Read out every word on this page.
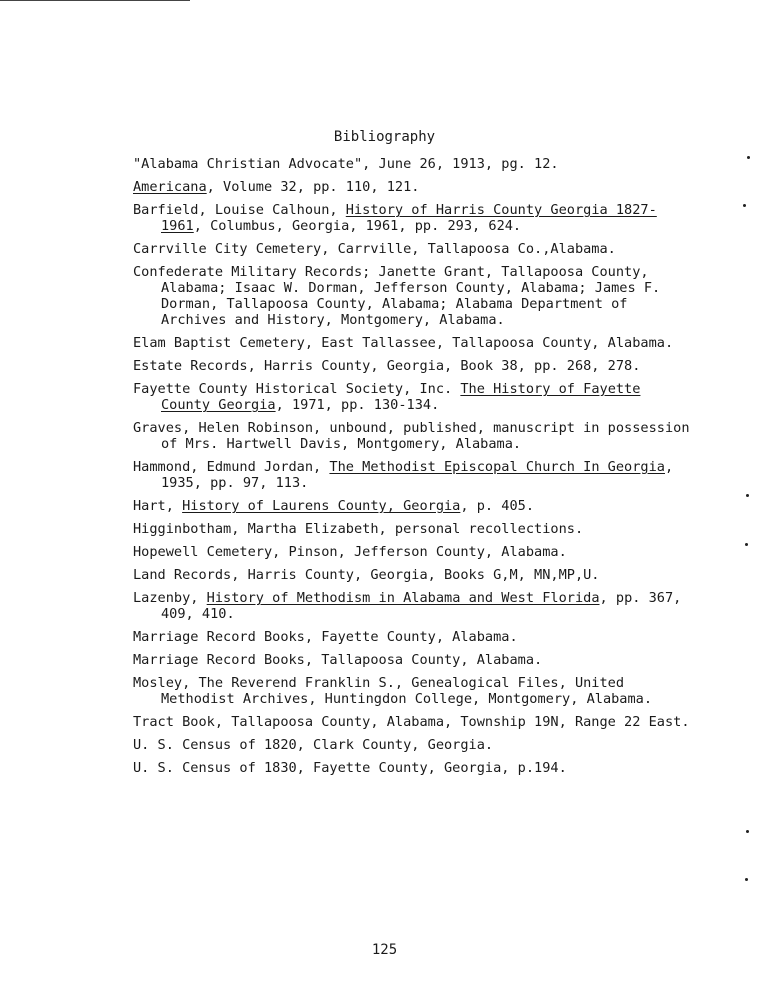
Bibliography
"Alabama Christian Advocate", June 26, 1913, pg. 12.
Americana, Volume 32, pp. 110, 121.
Barfield, Louise Calhoun, History of Harris County Georgia 1827-1961, Columbus, Georgia, 1961, pp. 293, 624.
Carrville City Cemetery, Carrville, Tallapoosa Co.,Alabama.
Confederate Military Records; Janette Grant, Tallapoosa County, Alabama; Isaac W. Dorman, Jefferson County, Alabama; James F. Dorman, Tallapoosa County, Alabama; Alabama Department of Archives and History, Montgomery, Alabama.
Elam Baptist Cemetery, East Tallassee, Tallapoosa County, Alabama.
Estate Records, Harris County, Georgia, Book 38, pp. 268, 278.
Fayette County Historical Society, Inc. The History of Fayette County Georgia, 1971, pp. 130-134.
Graves, Helen Robinson, unbound, published, manuscript in possession of Mrs. Hartwell Davis, Montgomery, Alabama.
Hammond, Edmund Jordan, The Methodist Episcopal Church In Georgia, 1935, pp. 97, 113.
Hart, History of Laurens County, Georgia, p. 405.
Higginbotham, Martha Elizabeth, personal recollections.
Hopewell Cemetery, Pinson, Jefferson County, Alabama.
Land Records, Harris County, Georgia, Books G,M, MN,MP,U.
Lazenby, History of Methodism in Alabama and West Florida, pp. 367, 409, 410.
Marriage Record Books, Fayette County, Alabama.
Marriage Record Books, Tallapoosa County, Alabama.
Mosley, The Reverend Franklin S., Genealogical Files, United Methodist Archives, Huntingdon College, Montgomery, Alabama.
Tract Book, Tallapoosa County, Alabama, Township 19N, Range 22 East.
U. S. Census of 1820, Clark County, Georgia.
U. S. Census of 1830, Fayette County, Georgia, p.194.
125
